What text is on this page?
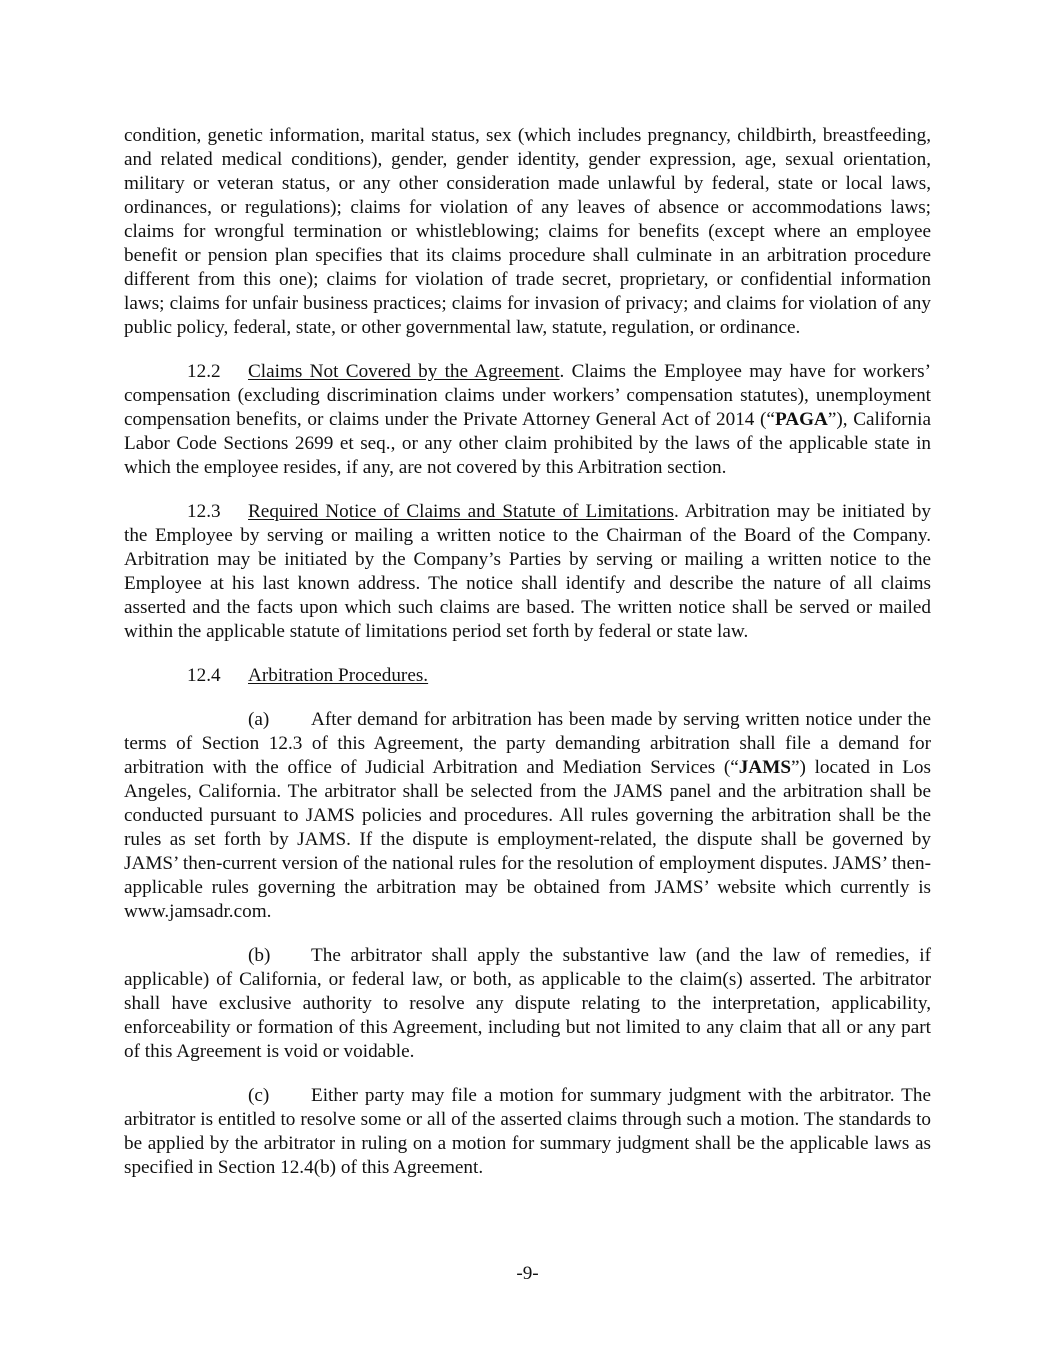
condition, genetic information, marital status, sex (which includes pregnancy, childbirth, breastfeeding, and related medical conditions), gender, gender identity, gender expression, age, sexual orientation, military or veteran status, or any other consideration made unlawful by federal, state or local laws, ordinances, or regulations); claims for violation of any leaves of absence or accommodations laws; claims for wrongful termination or whistleblowing; claims for benefits (except where an employee benefit or pension plan specifies that its claims procedure shall culminate in an arbitration procedure different from this one); claims for violation of trade secret, proprietary, or confidential information laws; claims for unfair business practices; claims for invasion of privacy; and claims for violation of any public policy, federal, state, or other governmental law, statute, regulation, or ordinance.

12.2 Claims Not Covered by the Agreement. Claims the Employee may have for workers’ compensation (excluding discrimination claims under workers’ compensation statutes), unemployment compensation benefits, or claims under the Private Attorney General Act of 2014 (“PAGA”), California Labor Code Sections 2699 et seq., or any other claim prohibited by the laws of the applicable state in which the employee resides, if any, are not covered by this Arbitration section.

12.3 Required Notice of Claims and Statute of Limitations. Arbitration may be initiated by the Employee by serving or mailing a written notice to the Chairman of the Board of the Company. Arbitration may be initiated by the Company’s Parties by serving or mailing a written notice to the Employee at his last known address. The notice shall identify and describe the nature of all claims asserted and the facts upon which such claims are based. The written notice shall be served or mailed within the applicable statute of limitations period set forth by federal or state law.

12.4 Arbitration Procedures.

(a) After demand for arbitration has been made by serving written notice under the terms of Section 12.3 of this Agreement, the party demanding arbitration shall file a demand for arbitration with the office of Judicial Arbitration and Mediation Services (“JAMS”) located in Los Angeles, California. The arbitrator shall be selected from the JAMS panel and the arbitration shall be conducted pursuant to JAMS policies and procedures. All rules governing the arbitration shall be the rules as set forth by JAMS. If the dispute is employment-related, the dispute shall be governed by JAMS’ then-current version of the national rules for the resolution of employment disputes. JAMS’ then-applicable rules governing the arbitration may be obtained from JAMS’ website which currently is www.jamsadr.com.

(b) The arbitrator shall apply the substantive law (and the law of remedies, if applicable) of California, or federal law, or both, as applicable to the claim(s) asserted. The arbitrator shall have exclusive authority to resolve any dispute relating to the interpretation, applicability, enforceability or formation of this Agreement, including but not limited to any claim that all or any part of this Agreement is void or voidable.

(c) Either party may file a motion for summary judgment with the arbitrator. The arbitrator is entitled to resolve some or all of the asserted claims through such a motion. The standards to be applied by the arbitrator in ruling on a motion for summary judgment shall be the applicable laws as specified in Section 12.4(b) of this Agreement.

-9-
